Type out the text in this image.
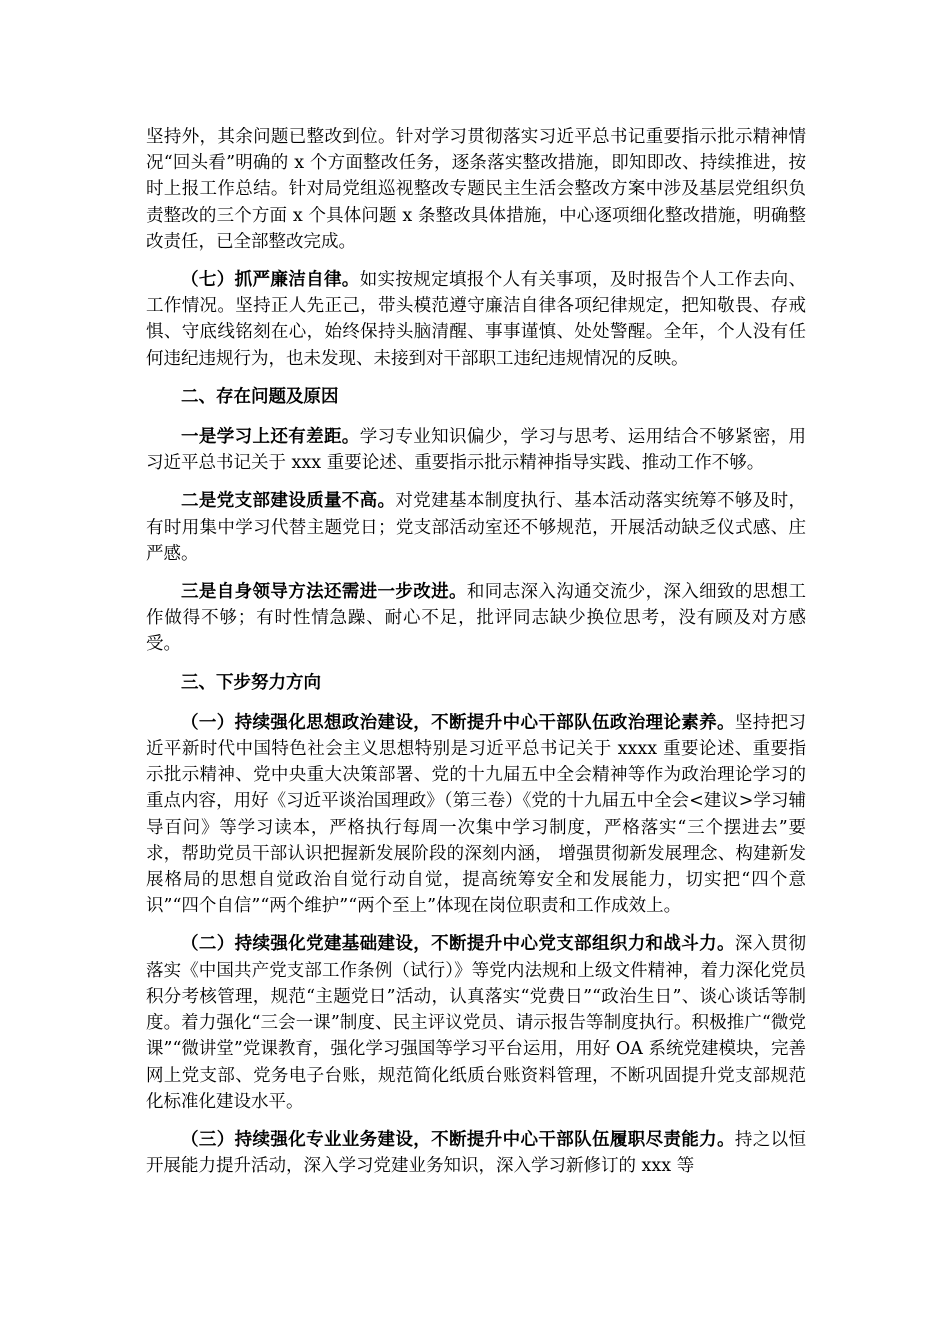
坚持外，其余问题已整改到位。针对学习贯彻落实习近平总书记重要指示批示精神情况“回头看”明确的 x 个方面整改任务，逐条落实整改措施，即知即改、持续推进，按时上报工作总结。针对局党组巡视整改专题民主生活会整改方案中涉及基层党组织负责整改的三个方面 x 个具体问题 x 条整改具体措施，中心逐项细化整改措施，明确整改责任，已全部整改完成。

（七）抓严廉洁自律。如实按规定填报个人有关事项，及时报告个人工作去向、工作情况。坚持正人先正己，带头模范遵守廉洁自律各项纪律规定，把知敬畏、存戒惧、守底线铭刻在心，始终保持头脑清醒、事事谨慎、处处警醒。全年，个人没有任何违纪违规行为，也未发现、未接到对干部职工违纪违规情况的反映。

二、存在问题及原因

一是学习上还有差距。学习专业知识偏少，学习与思考、运用结合不够紧密，用习近平总书记关于 xxx 重要论述、重要指示批示精神指导实践、推动工作不够。

二是党支部建设质量不高。对党建基本制度执行、基本活动落实统筹不够及时，有时用集中学习代替主题党日；党支部活动室还不够规范，开展活动缺乏仪式感、庄严感。

三是自身领导方法还需进一步改进。和同志深入沟通交流少，深入细致的思想工作做得不够；有时性情急躁、耐心不足，批评同志缺少换位思考，没有顾及对方感受。

三、下步努力方向

（一）持续强化思想政治建设，不断提升中心干部队伍政治理论素养。坚持把习近平新时代中国特色社会主义思想特别是习近平总书记关于 xxxx 重要论述、重要指示批示精神、党中央重大决策部署、党的十九届五中全会精神等作为政治理论学习的重点内容，用好《习近平谈治国理政》（第三卷）《党的十九届五中全会<建议>学习辅导百问》等学习读本，严格执行每周一次集中学习制度，严格落实“三个摆进去”要求，帮助党员干部认识把握新发展阶段的深刻内涵， 增强贯彻新发展理念、构建新发展格局的思想自觉政治自觉行动自觉，提高统筹安全和发展能力，切实把“四个意识”“四个自信”“两个维护”“两个至上”体现在岗位职责和工作成效上。

（二）持续强化党建基础建设，不断提升中心党支部组织力和战斗力。深入贯彻落实《中国共产党支部工作条例（试行）》等党内法规和上级文件精神，着力深化党员积分考核管理，规范“主题党日”活动，认真落实“党费日”“政治生日”、谈心谈话等制度。着力强化“三会一课”制度、民主评议党员、请示报告等制度执行。积极推广“微党课”“微讲堂”党课教育，强化学习强国等学习平台运用，用好 OA 系统党建模块，完善网上党支部、党务电子台账，规范简化纸质台账资料管理，不断巩固提升党支部规范化标准化建设水平。

（三）持续强化专业业务建设，不断提升中心干部队伍履职尽责能力。持之以恒开展能力提升活动，深入学习党建业务知识，深入学习新修订的 xxx 等
